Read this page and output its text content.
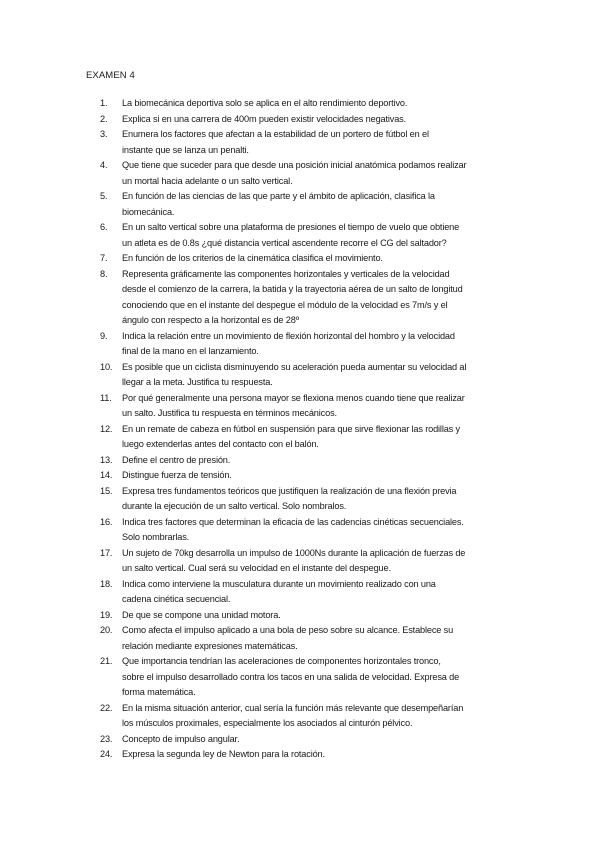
EXAMEN 4
1.	La biomecánica deportiva solo se aplica en el alto rendimiento deportivo.
2.	Explica si en una carrera de 400m pueden existir velocidades negativas.
3.	Enumera los factores que afectan a la estabilidad de un portero de fútbol en el
instante que se lanza un penalti.
4.	Que tiene que suceder para que desde una posición inicial anatómica podamos realizar
un mortal hacia adelante o un salto vertical.
5.	En función de las ciencias de las que parte y el ámbito de aplicación, clasifica la
biomecánica.
6.	En un salto vertical sobre una plataforma de presiones el tiempo de vuelo que obtiene
un atleta es de 0.8s ¿qué distancia vertical ascendente recorre el CG del saltador?
7.	En función de los criterios de la cinemática clasifica el movimiento.
8.	Representa gráficamente las componentes horizontales y verticales de la velocidad
desde el comienzo de la carrera, la batida y la trayectoria aérea de un salto de longitud
conociendo que en el instante del despegue el módulo de la velocidad es 7m/s y el
ángulo con respecto a la horizontal es de 28º
9.	Indica la relación entre un movimiento de flexión horizontal del hombro y la velocidad
final de la mano en el lanzamiento.
10.	Es posible que un ciclista disminuyendo su aceleración pueda aumentar su velocidad al
llegar a la meta. Justifica tu respuesta.
11.	Por qué generalmente una persona mayor se flexiona menos cuando tiene que realizar
un salto. Justifica tu respuesta en términos mecánicos.
12.	En un remate de cabeza en fútbol en suspensión para que sirve flexionar las rodillas y
luego extenderlas antes del contacto con el balón.
13.	Define el centro de presión.
14.	Distingue fuerza de tensión.
15.	Expresa tres fundamentos teóricos que justifiquen la realización de una flexión previa
durante la ejecución de un salto vertical. Solo nombralos.
16.	Indica tres factores que determinan la eficacia de las cadencias cinéticas secuenciales.
Solo nombrarlas.
17.	Un sujeto de 70kg desarrolla un impulso de 1000Ns durante la aplicación de fuerzas de
un salto vertical. Cual será su velocidad en el instante del despegue.
18.	Indica como interviene la musculatura durante un movimiento realizado con una
cadena cinética secuencial.
19.	De que se compone una unidad motora.
20.	Como afecta el impulso aplicado a una bola de peso sobre su alcance. Establece su
relación mediante expresiones matemáticas.
21.	Que importancia tendrían las aceleraciones de componentes horizontales tronco,
sobre el impulso desarrollado contra los tacos en una salida de velocidad. Expresa de
forma matemática.
22.	En la misma situación anterior, cual sería la función más relevante que desempeñarían
los músculos proximales, especialmente los asociados al cinturón pélvico.
23.	Concepto de impulso angular.
24.	Expresa la segunda ley de Newton para la rotación.
